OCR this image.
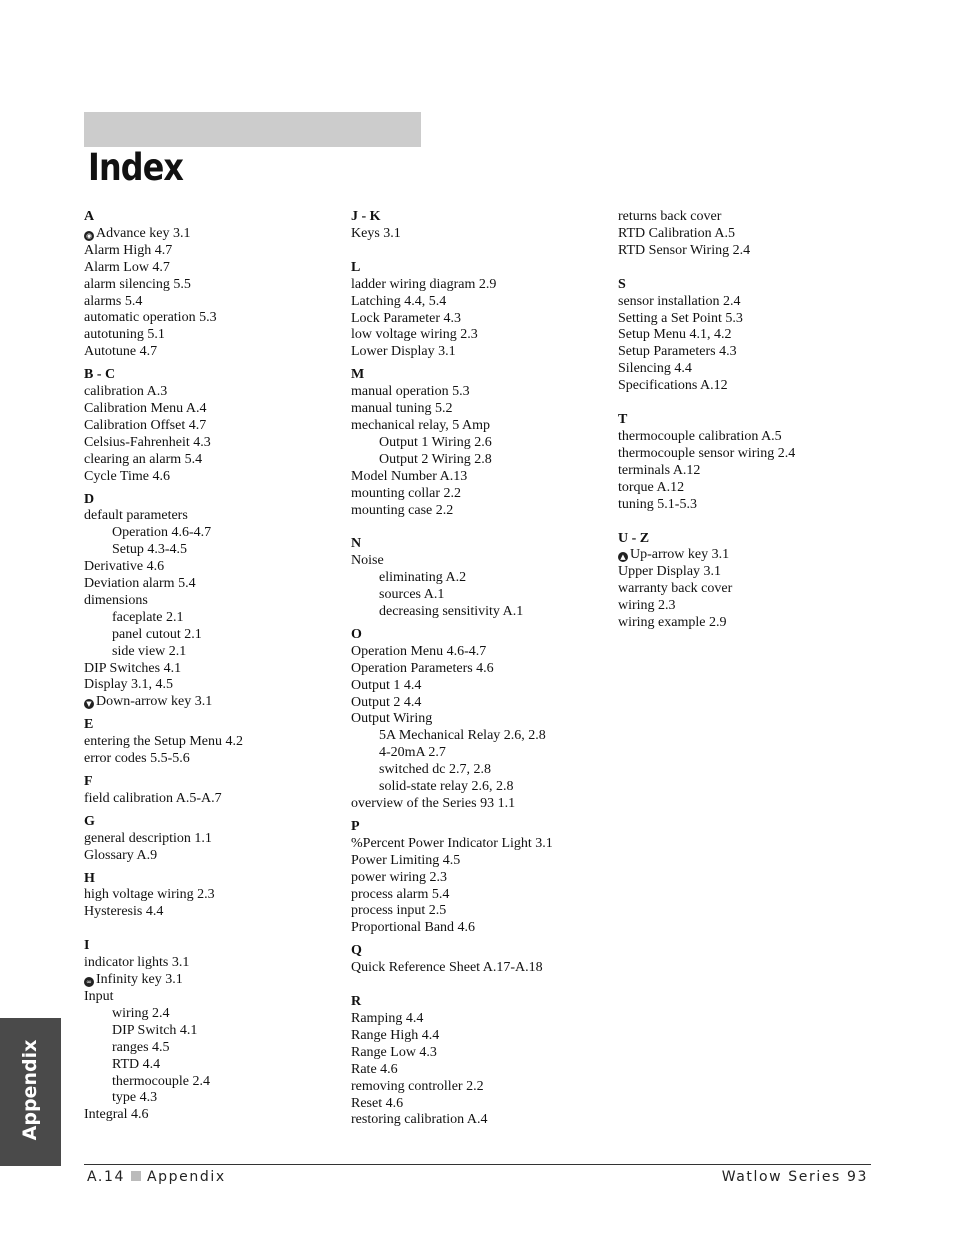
Index
A
◉ Advance key 3.1
Alarm High 4.7
Alarm Low 4.7
alarm silencing 5.5
alarms 5.4
automatic operation 5.3
autotuning 5.1
Autotune 4.7
B - C
calibration A.3
Calibration Menu A.4
Calibration Offset 4.7
Celsius-Fahrenheit 4.3
clearing an alarm 5.4
Cycle Time 4.6
D
default parameters
Operation 4.6-4.7
Setup 4.3-4.5
Derivative 4.6
Deviation alarm 5.4
dimensions
faceplate 2.1
panel cutout 2.1
side view 2.1
DIP Switches 4.1
Display 3.1, 4.5
▼ Down-arrow key 3.1
E
entering the Setup Menu 4.2
error codes 5.5-5.6
F
field calibration A.5-A.7
G
general description 1.1
Glossary A.9
H
high voltage wiring 2.3
Hysteresis 4.4
I
indicator lights 3.1
∞ Infinity key 3.1
Input
wiring 2.4
DIP Switch 4.1
ranges 4.5
RTD 4.4
thermocouple 2.4
type 4.3
Integral 4.6
J - K
Keys 3.1
L
ladder wiring diagram 2.9
Latching 4.4, 5.4
Lock Parameter 4.3
low voltage wiring 2.3
Lower Display 3.1
M
manual operation 5.3
manual tuning 5.2
mechanical relay, 5 Amp
Output 1 Wiring 2.6
Output 2 Wiring 2.8
Model Number A.13
mounting collar 2.2
mounting case 2.2
N
Noise
eliminating A.2
sources A.1
decreasing sensitivity A.1
O
Operation Menu 4.6-4.7
Operation Parameters 4.6
Output 1 4.4
Output 2 4.4
Output Wiring
5A Mechanical Relay 2.6, 2.8
4-20mA 2.7
switched dc 2.7, 2.8
solid-state relay 2.6, 2.8
overview of the Series 93 1.1
P
%Percent Power Indicator Light 3.1
Power Limiting 4.5
power wiring 2.3
process alarm 5.4
process input 2.5
Proportional Band 4.6
Q
Quick Reference Sheet A.17-A.18
R
Ramping 4.4
Range High 4.4
Range Low 4.3
Rate 4.6
removing controller 2.2
Reset 4.6
restoring calibration A.4
returns back cover
RTD Calibration A.5
RTD Sensor Wiring 2.4
S
sensor installation 2.4
Setting a Set Point 5.3
Setup Menu 4.1, 4.2
Setup Parameters 4.3
Silencing 4.4
Specifications A.12
T
thermocouple calibration A.5
thermocouple sensor wiring 2.4
terminals A.12
torque A.12
tuning 5.1-5.3
U - Z
▲ Up-arrow key 3.1
Upper Display 3.1
warranty back cover
wiring 2.3
wiring example 2.9
Appendix
A.14 Appendix	Watlow Series 93
